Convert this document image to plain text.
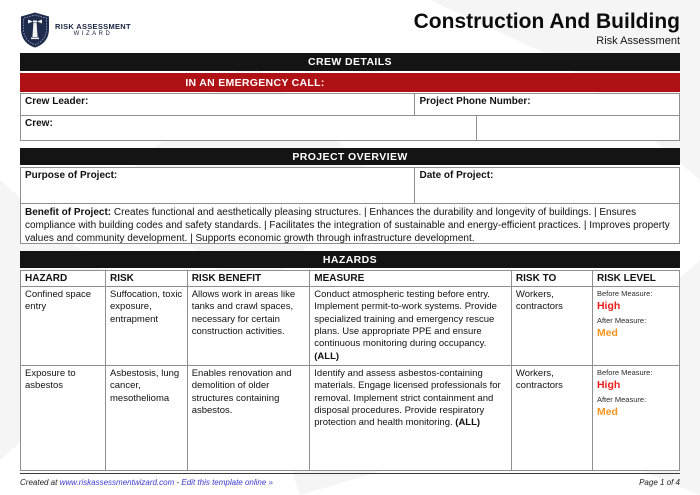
RISK ASSESSMENT
WIZARD
Construction And Building
Risk Assessment
CREW DETAILS
IN AN EMERGENCY CALL:
Crew Leader:	Project Phone Number:
Crew:
PROJECT OVERVIEW
Purpose of Project:	Date of Project:
Benefit of Project: Creates functional and aesthetically pleasing structures. | Enhances the durability and longevity of buildings. | Ensures compliance with building codes and safety standards. | Facilitates the integration of sustainable and energy-efficient practices. | Improves property values and community development. | Supports economic growth through infrastructure development.
HAZARDS
HAZARD	RISK	RISK BENEFIT	MEASURE	RISK TO	RISK LEVEL
Confined space entry	Suffocation, toxic exposure, entrapment	Allows work in areas like tanks and crawl spaces, necessary for certain construction activities.	Conduct atmospheric testing before entry. Implement permit-to-work systems. Provide specialized training and emergency rescue plans. Use appropriate PPE and ensure continuous monitoring during occupancy. (ALL)	Workers, contractors	
Before Measure:
High
After Measure:
Med

Exposure to asbestos	Asbestosis, lung cancer, mesothelioma	Enables renovation and demolition of older structures containing asbestos.	Identify and assess asbestos-containing materials. Engage licensed professionals for removal. Implement strict containment and disposal procedures. Provide respiratory protection and health monitoring. (ALL)	Workers, contractors	
Before Measure:
High
After Measure:
Med
Created at www.riskassessmentwizard.com - Edit this template online »	Page 1 of 4
